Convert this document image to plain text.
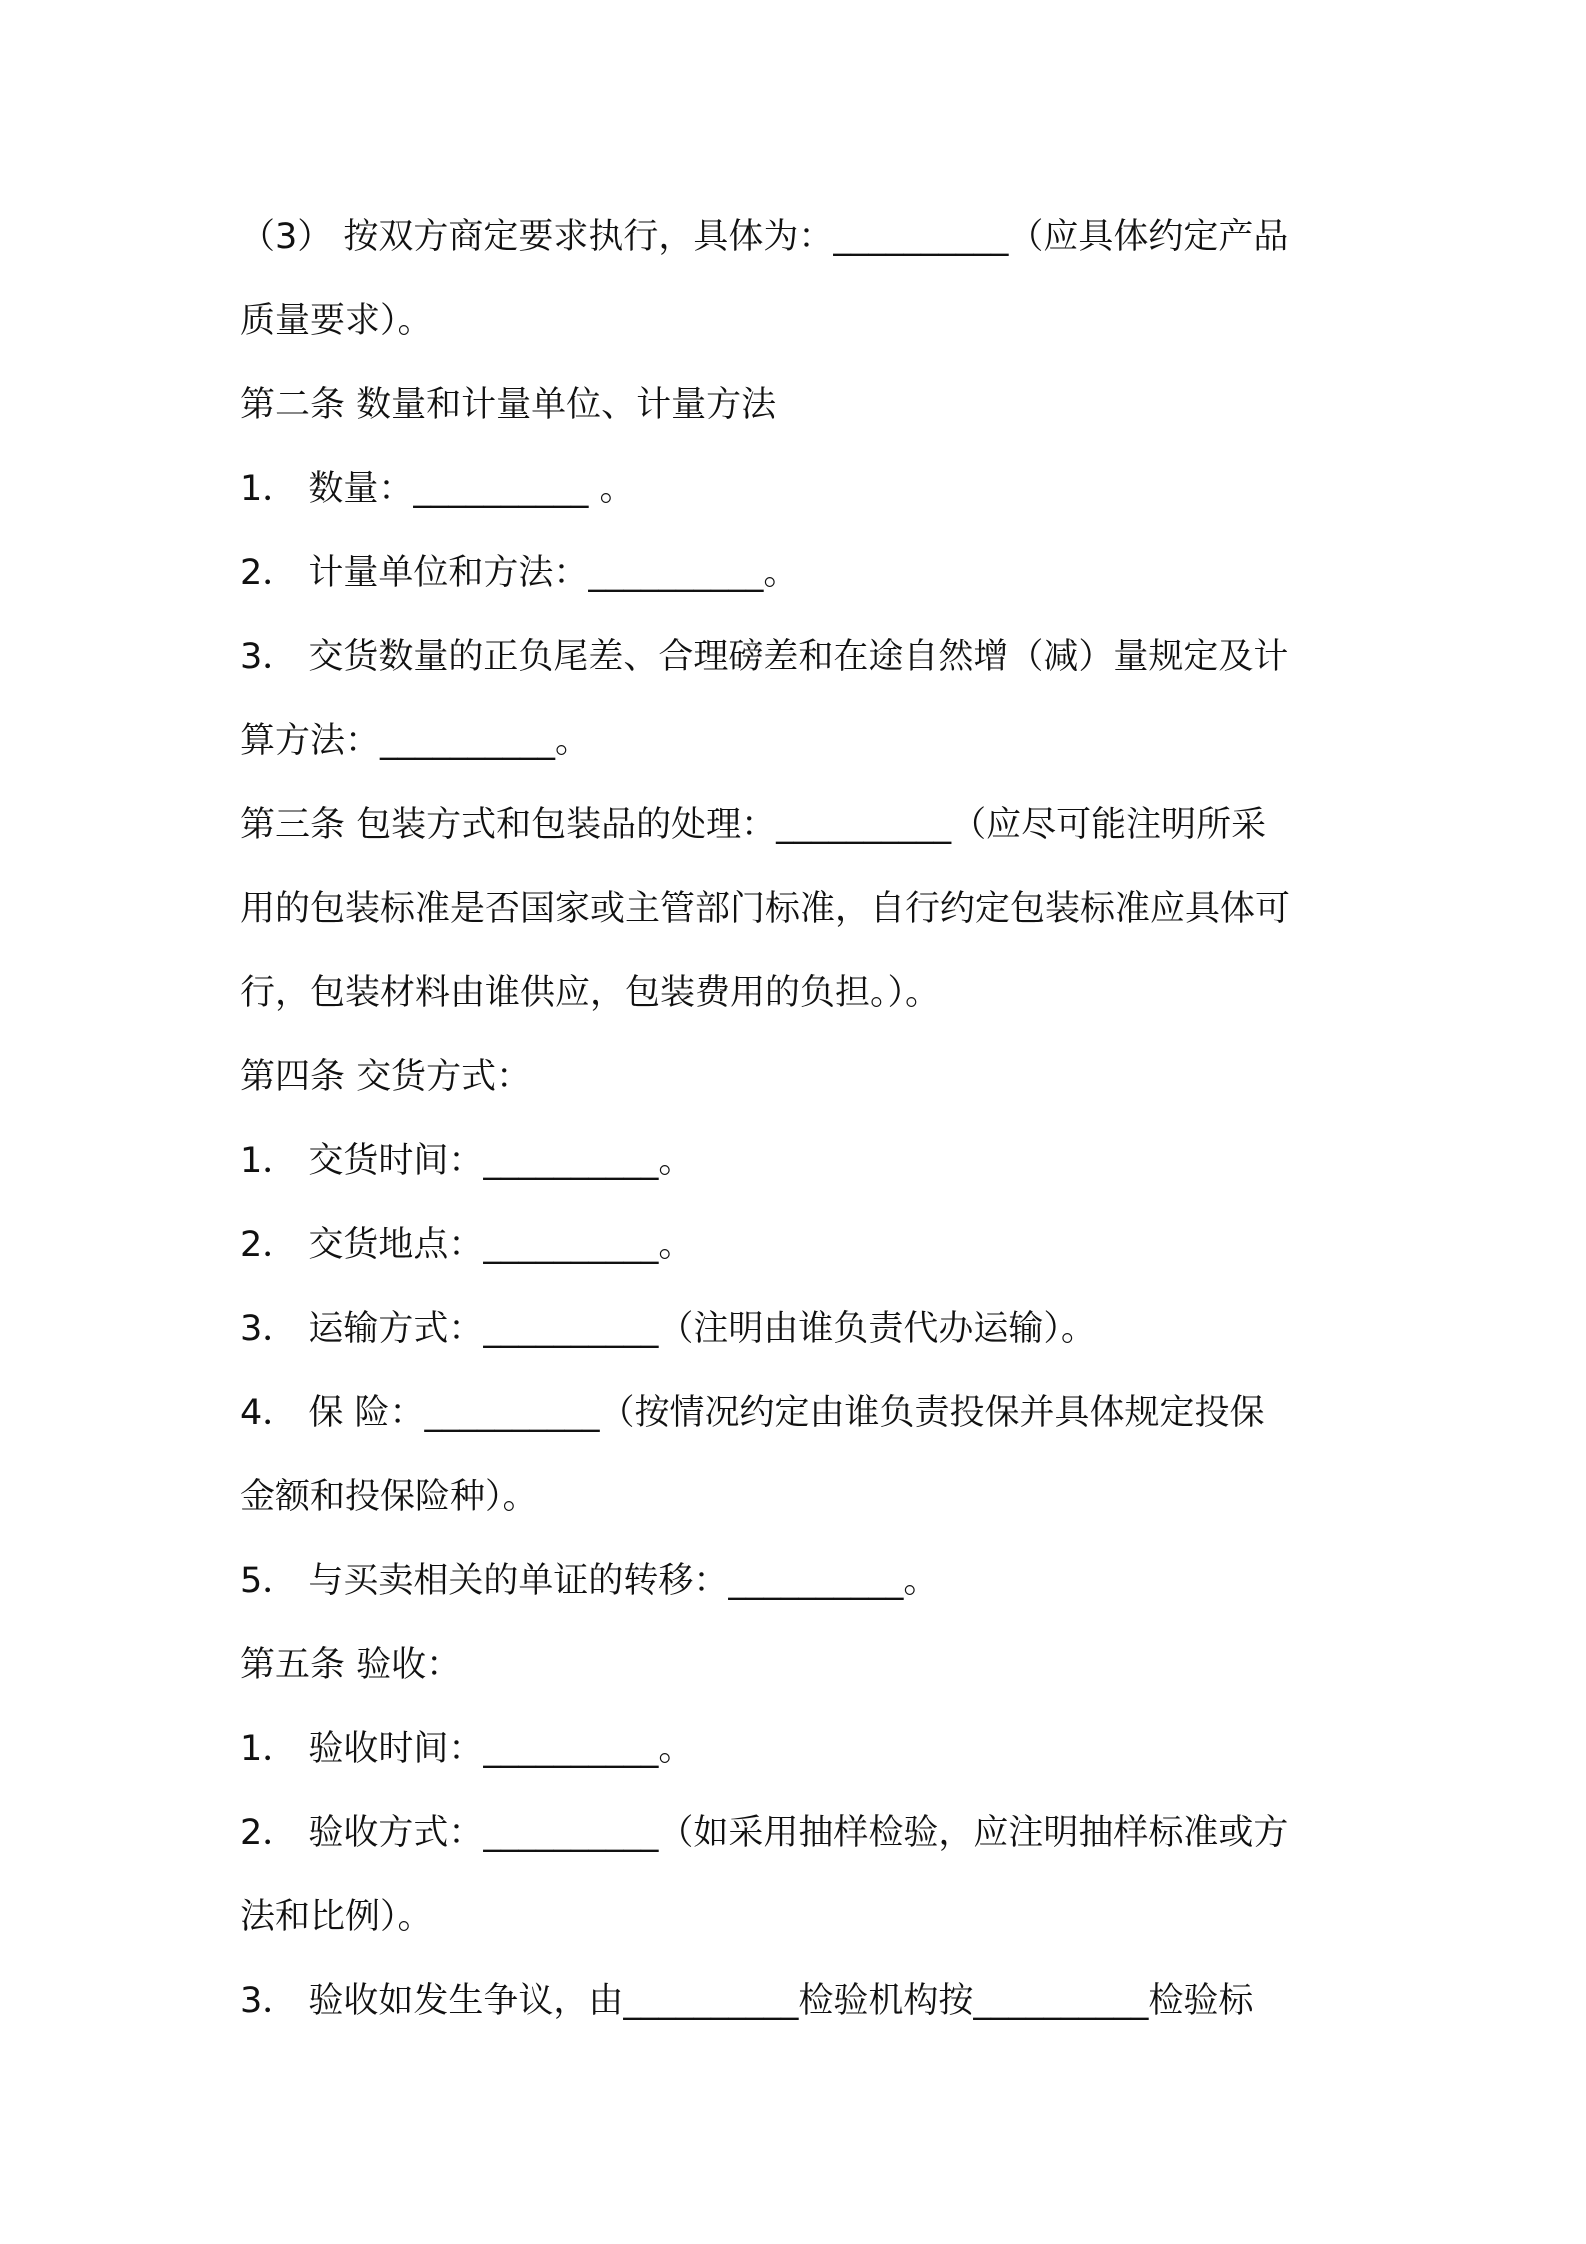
（3） 按双方商定要求执行，具体为：__________（应具体约定产品
质量要求）。
第二条 数量和计量单位、计量方法
1． 数量：__________ 。
2． 计量单位和方法：__________。
3． 交货数量的正负尾差、合理磅差和在途自然增（减）量规定及计
算方法：__________。
第三条 包装方式和包装品的处理：__________（应尽可能注明所采
用的包装标准是否国家或主管部门标准，自行约定包装标准应具体可
行，包装材料由谁供应，包装费用的负担。）。
第四条 交货方式：
1． 交货时间：__________。
2． 交货地点：__________。
3． 运输方式：__________（注明由谁负责代办运输）。
4． 保 险：__________（按情况约定由谁负责投保并具体规定投保
金额和投保险种）。
5． 与买卖相关的单证的转移：__________。
第五条 验收：
1． 验收时间：__________。
2． 验收方式：__________（如采用抽样检验，应注明抽样标准或方
法和比例）。
3． 验收如发生争议，由__________检验机构按__________检验标
